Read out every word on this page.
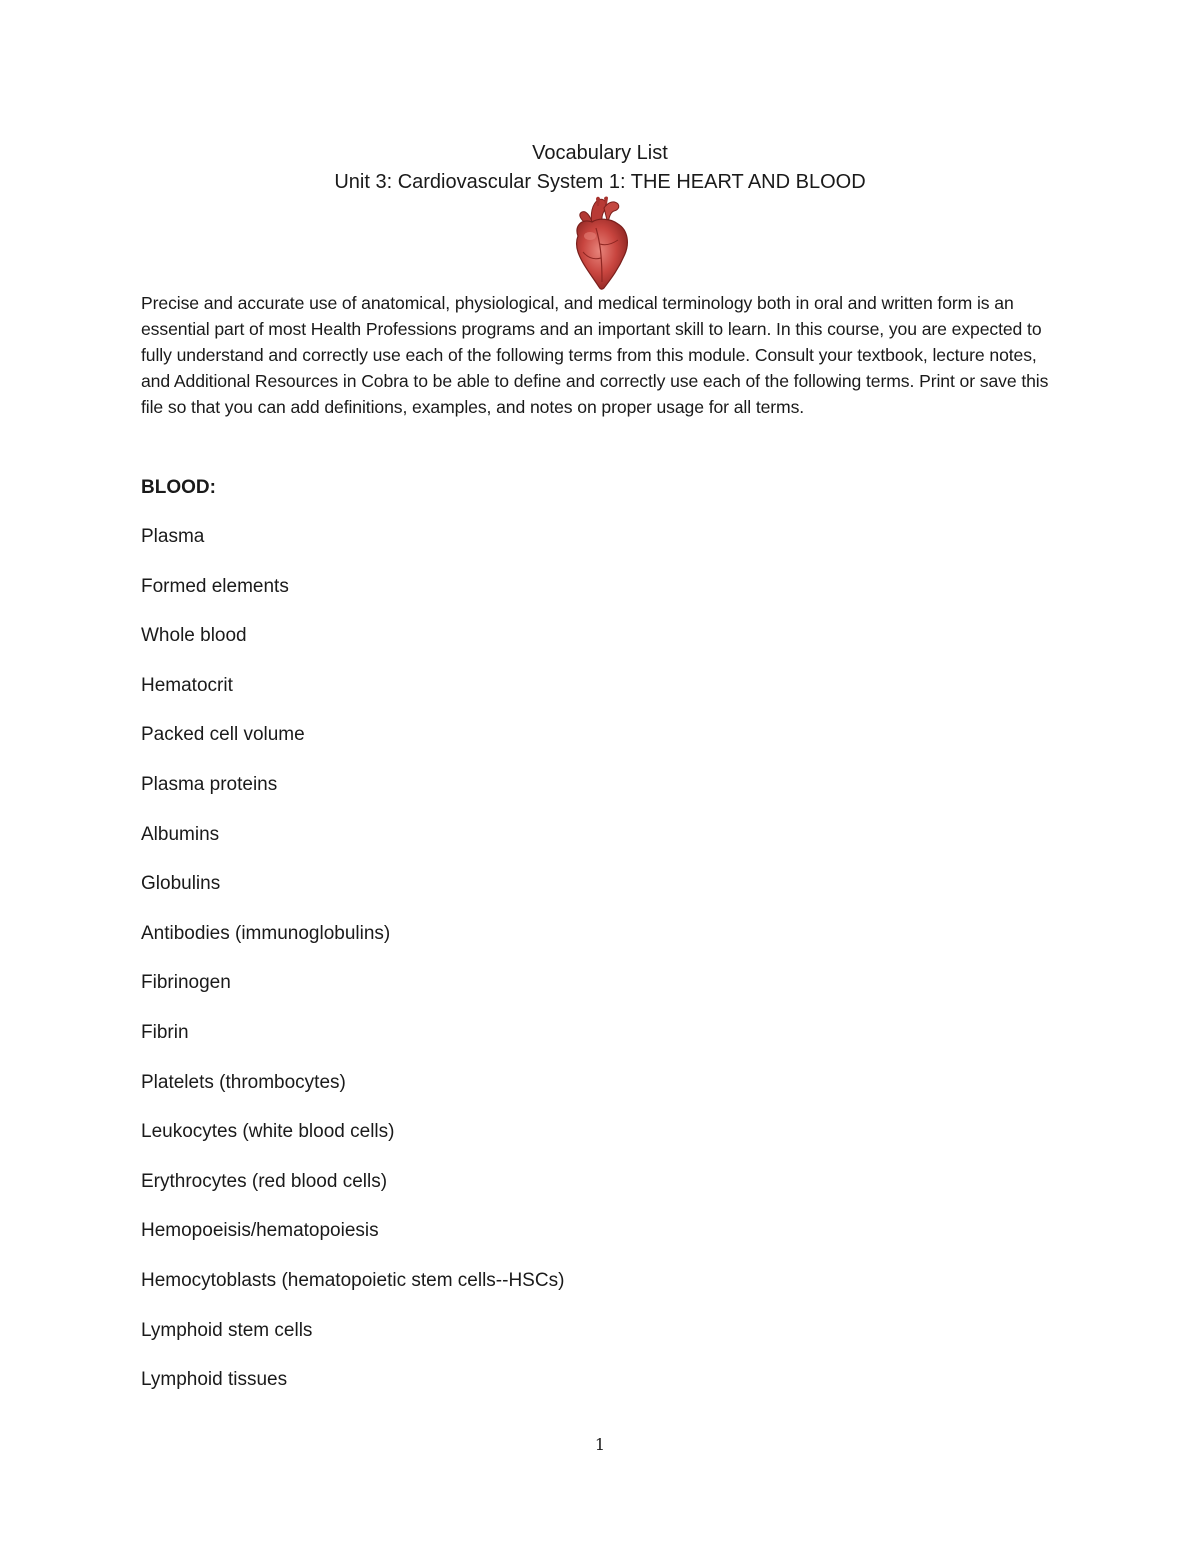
Vocabulary List
Unit 3: Cardiovascular System 1: THE HEART AND BLOOD

Precise and accurate use of anatomical, physiological, and medical terminology both in oral and written form is an essential part of most Health Professions programs and an important skill to learn. In this course, you are expected to fully understand and correctly use each of the following terms from this module. Consult your textbook, lecture notes, and Additional Resources in Cobra to be able to define and correctly use each of the following terms. Print or save this file so that you can add definitions, examples, and notes on proper usage for all terms.

BLOOD:
Plasma
Formed elements
Whole blood
Hematocrit
Packed cell volume
Plasma proteins
Albumins
Globulins
Antibodies (immunoglobulins)
Fibrinogen
Fibrin
Platelets (thrombocytes)
Leukocytes (white blood cells)
Erythrocytes (red blood cells)
Hemopoeisis/hematopoiesis
Hemocytoblasts (hematopoietic stem cells--HSCs)
Lymphoid stem cells
Lymphoid tissues
1
